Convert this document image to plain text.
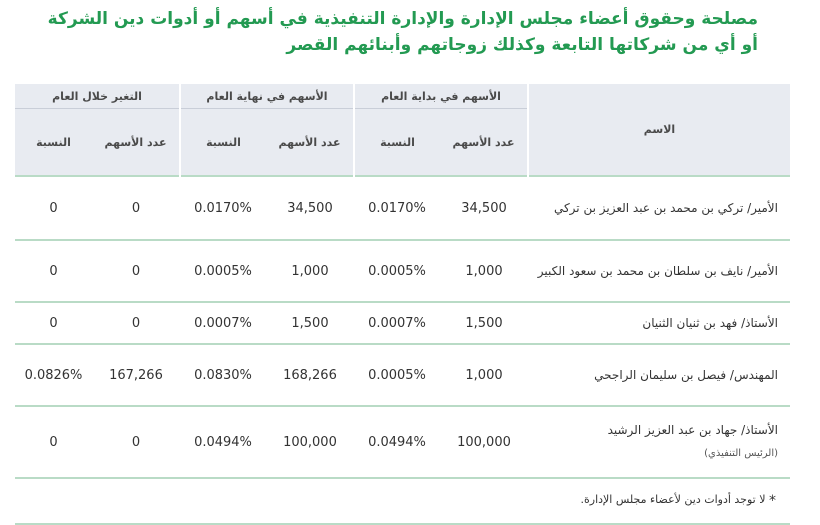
مصلحة وحقوق أعضاء مجلس الإدارة والإدارة التنفيذية في أسهم أو أدوات دين الشركة
أو أي من شركاتها التابعة وكذلك زوجاتهم وأبنائهم القصر
الاسم	الأسهم في بداية العام		الأسهم في نهاية العام		التغير خلال العام	
	عدد الأسهم	النسبة	عدد الأسهم	النسبة	عدد الأسهم	النسبة
الأمير/ تركي بن محمد بن عبد العزيز بن تركي	34,500	0.0170%	34,500	0.0170%	0	0
الأمير/ نايف بن سلطان بن محمد بن سعود الكبير	1,000	0.0005%	1,000	0.0005%	0	0
الأستاذ/ فهد بن ثنيان الثنيان	1,500	0.0007%	1,500	0.0007%	0	0
المهندس/ فيصل بن سليمان الراجحي	1,000	0.0005%	168,266	0.0830%	167,266	0.0826%
الأستاذ/ جهاد بن عبد العزيز الرشيد
(الرئيس التنفيذي)	100,000	0.0494%	100,000	0.0494%	0	0
* لا توجد أدوات دين لأعضاء مجلس الإدارة.						
